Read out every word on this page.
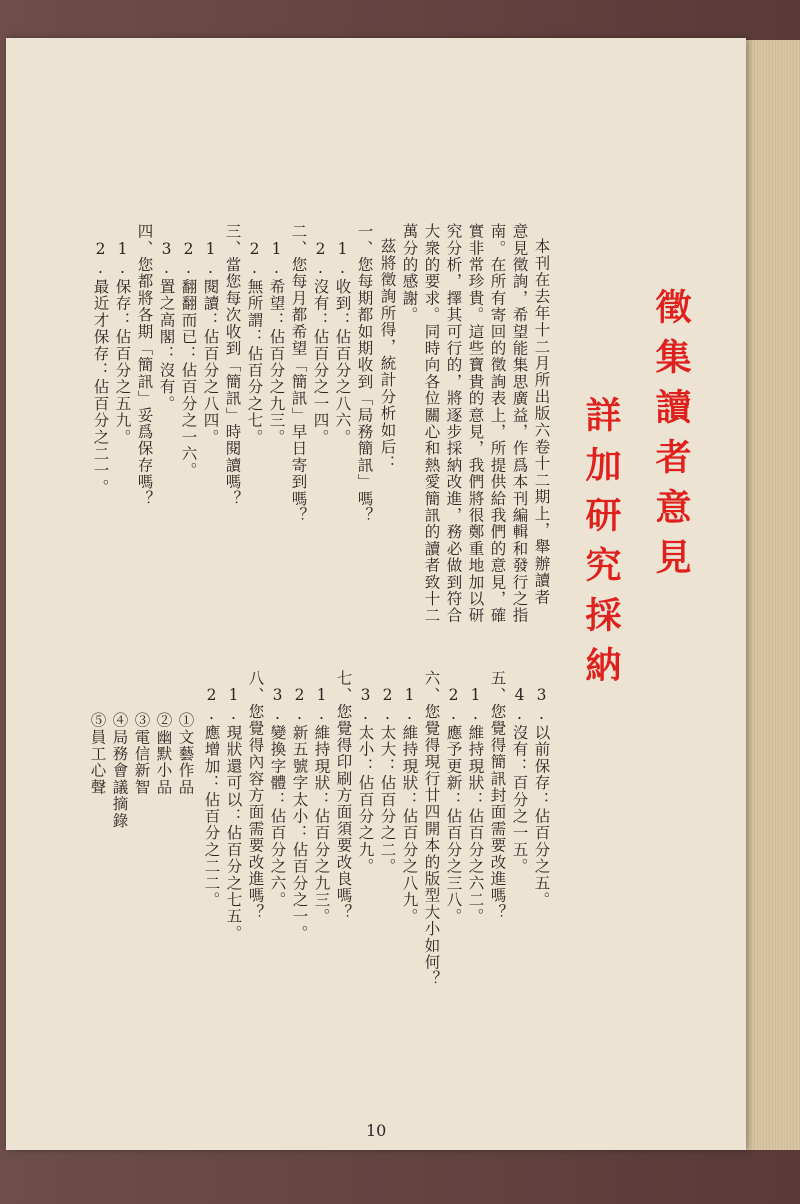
徵集讀者意見
詳加研究採納
本刊在去年十二月所出版六卷十二期上，舉辦讀者
意見徵詢，希望能集思廣益，作爲本刊編輯和發行之指
南。在所有寄回的徵詢表上，所提供給我們的意見，確
實非常珍貴。這些寶貴的意見，我們將很鄭重地加以研
究分析，擇其可行的，將逐步採納改進，務必做到符合
大衆的要求。同時向各位關心和熱愛簡訊的讀者致十二
萬分的感謝。
茲將徵詢所得，統計分析如后：
一、您每期都如期收到「局務簡訊」嗎？
1.收到：佔百分之八六。
2.沒有：佔百分之一四。
二、您每月都希望「簡訊」早日寄到嗎？
1.希望：佔百分之九三。
2.無所謂：佔百分之七。
三、當您每次收到「簡訊」時閱讀嗎？
1.閱讀：佔百分之八四。
2.翻翻而已：佔百分之一六。
3.置之高閣：沒有。
四、您都將各期「簡訊」妥爲保存嗎？
1.保存：佔百分之五九。
2.最近才保存：佔百分之二一。
3.以前保存：佔百分之五。
4.沒有：百分之一五。
五、您覺得簡訊封面需要改進嗎？
1.維持現狀：佔百分之六二。
2.應予更新：佔百分之三八。
六、您覺得現行廿四開本的版型大小如何？
1.維持現狀：佔百分之八九。
2.太大：佔百分之二。
3.太小：佔百分之九。
七、您覺得印刷方面須要改良嗎？
1.維持現狀：佔百分之九三。
2.新五號字太小：佔百分之一。
3.變換字體：佔百分之六。
八、您覺得內容方面需要改進嗎？
1.現狀還可以：佔百分之七五。
2.應增加：佔百分之二二。
①文藝作品
②幽默小品
③電信新智
④局務會議摘錄
⑤員工心聲
10
